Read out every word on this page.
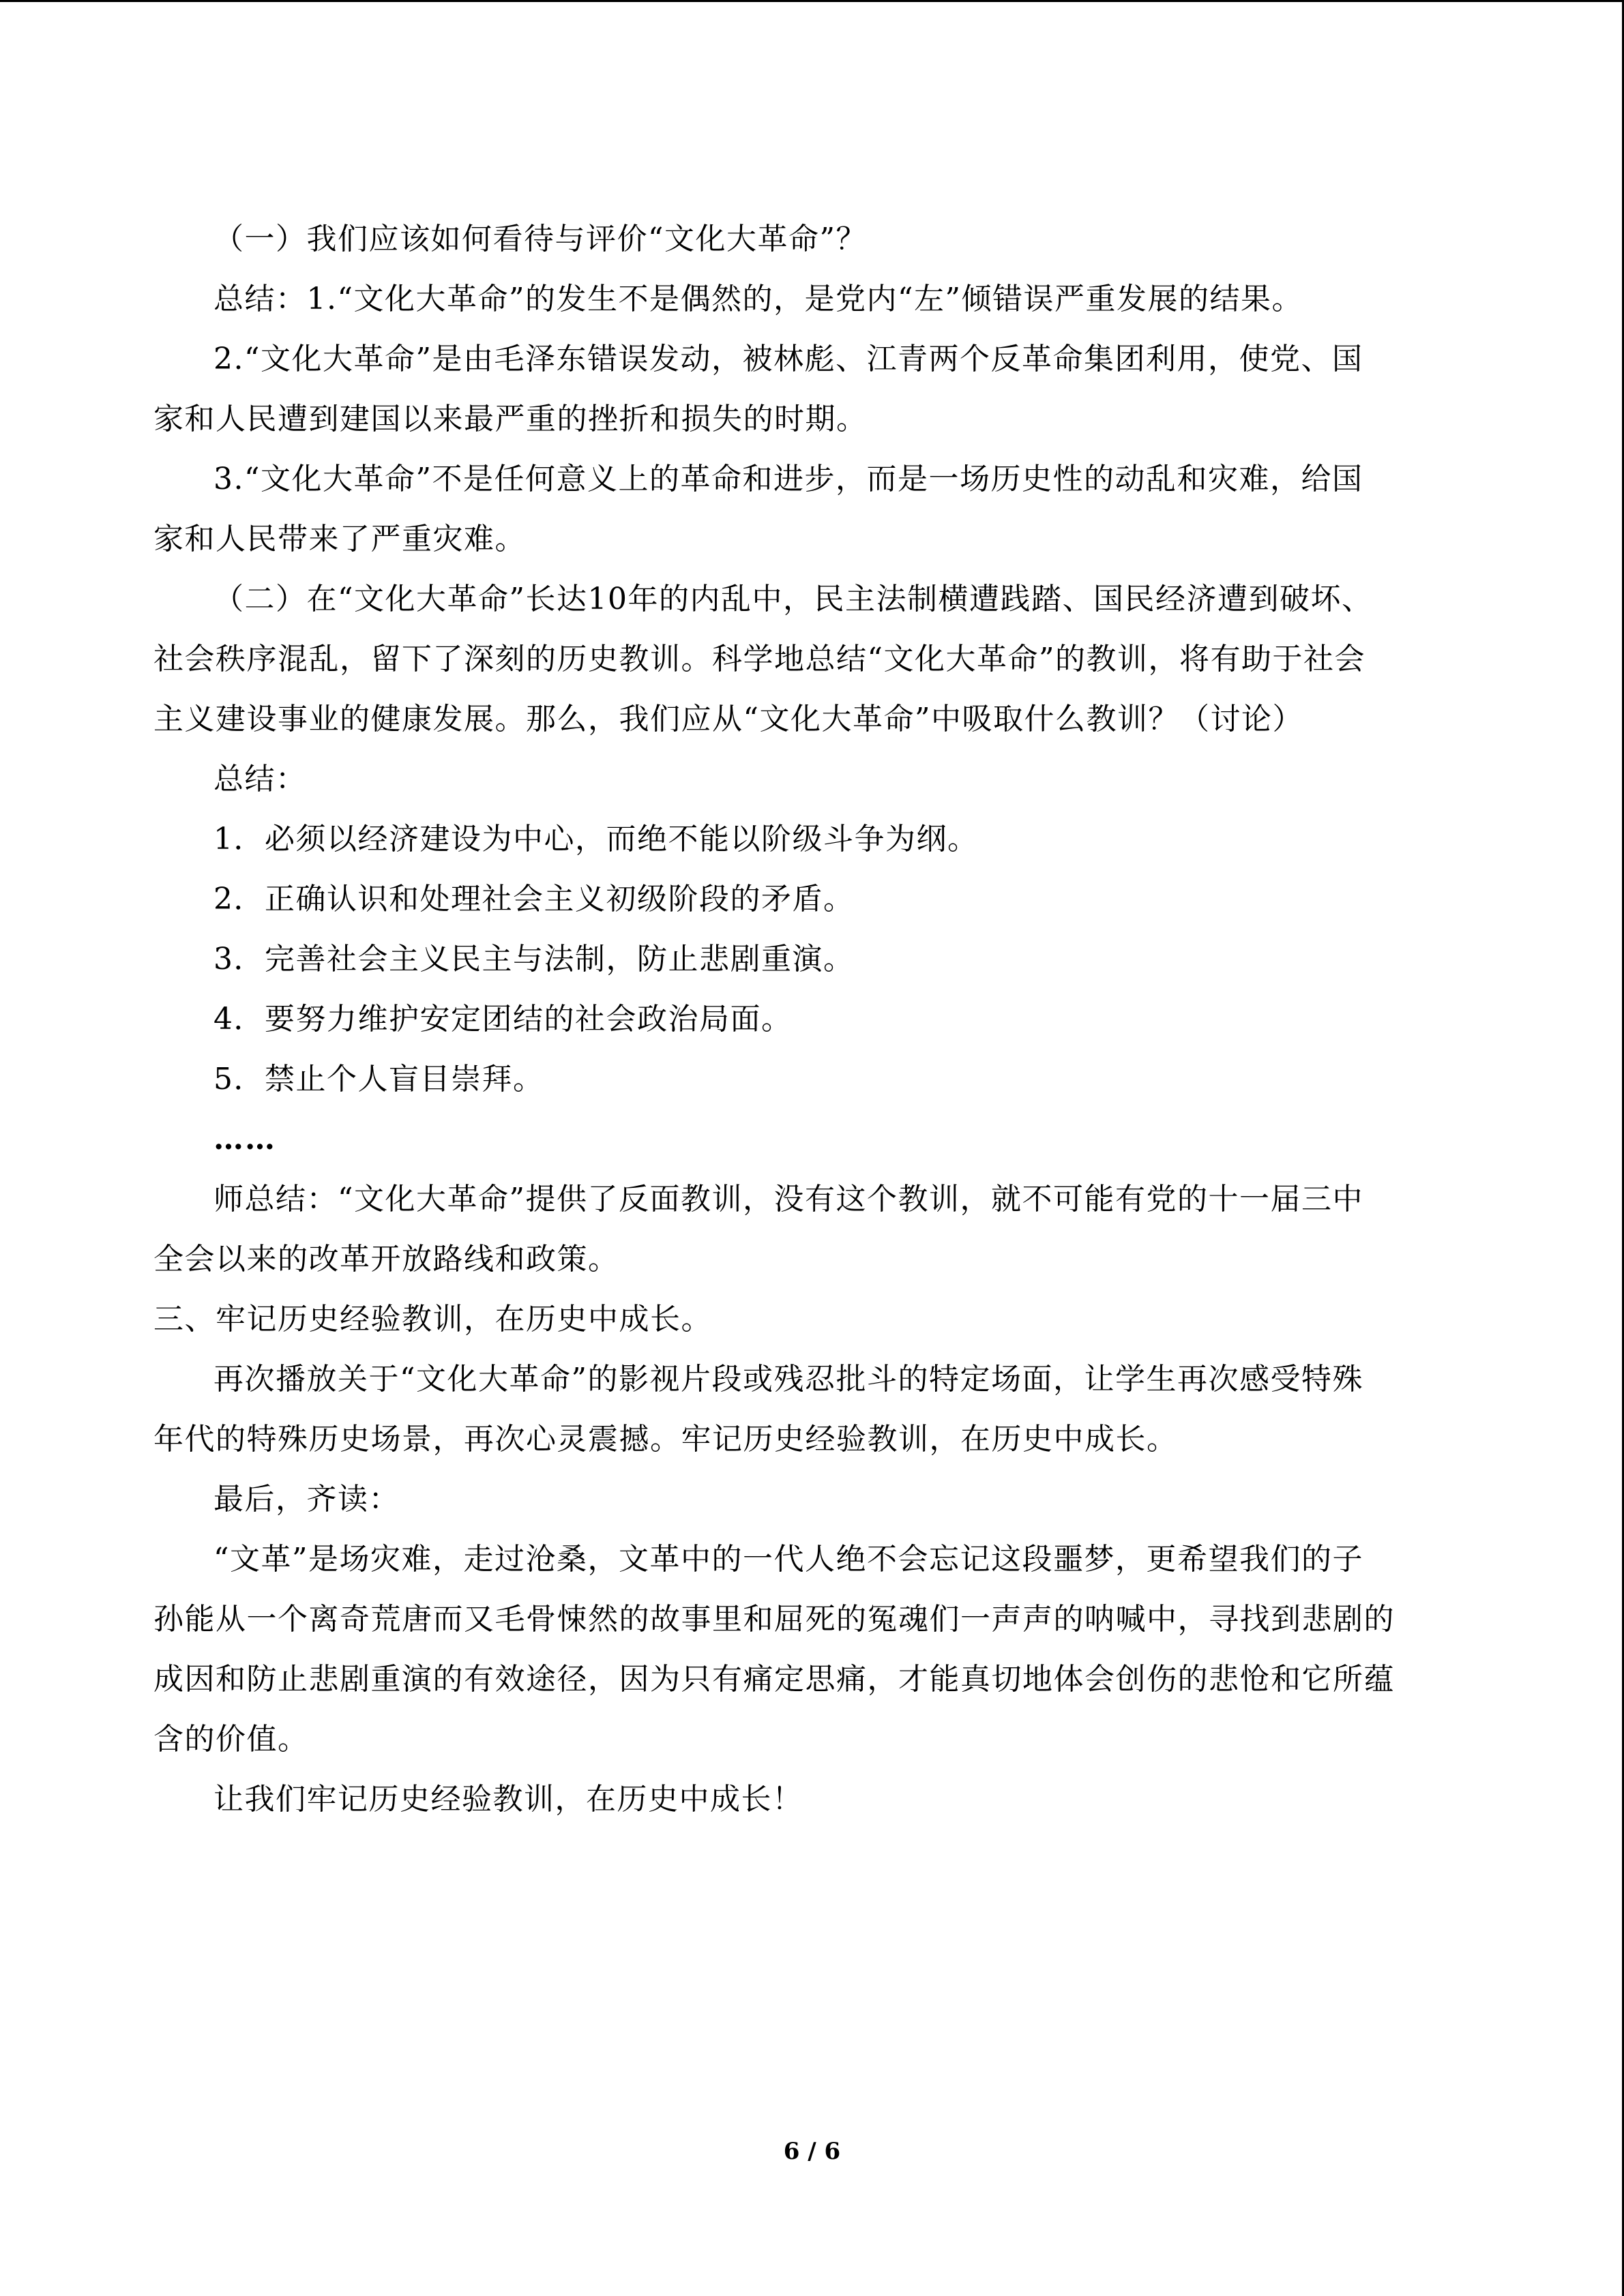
（一）我们应该如何看待与评价“文化大革命”？
总结：1.“文化大革命”的发生不是偶然的，是党内“左”倾错误严重发展的结果。
2.“文化大革命”是由毛泽东错误发动，被林彪、江青两个反革命集团利用，使党、国
家和人民遭到建国以来最严重的挫折和损失的时期。
3.“文化大革命”不是任何意义上的革命和进步，而是一场历史性的动乱和灾难，给国
家和人民带来了严重灾难。
（二）在“文化大革命”长达10年的内乱中，民主法制横遭践踏、国民经济遭到破坏、
社会秩序混乱，留下了深刻的历史教训。科学地总结“文化大革命”的教训，将有助于社会
主义建设事业的健康发展。那么，我们应从“文化大革命”中吸取什么教训？（讨论）
总结：
1．必须以经济建设为中心，而绝不能以阶级斗争为纲。
2．正确认识和处理社会主义初级阶段的矛盾。
3．完善社会主义民主与法制，防止悲剧重演。
4．要努力维护安定团结的社会政治局面。
5．禁止个人盲目崇拜。
……
师总结：“文化大革命”提供了反面教训，没有这个教训，就不可能有党的十一届三中
全会以来的改革开放路线和政策。
三、牢记历史经验教训，在历史中成长。
再次播放关于“文化大革命”的影视片段或残忍批斗的特定场面，让学生再次感受特殊
年代的特殊历史场景，再次心灵震撼。牢记历史经验教训，在历史中成长。
最后，齐读：
“文革”是场灾难，走过沧桑，文革中的一代人绝不会忘记这段噩梦，更希望我们的子
孙能从一个离奇荒唐而又毛骨悚然的故事里和屈死的冤魂们一声声的呐喊中，寻找到悲剧的
成因和防止悲剧重演的有效途径，因为只有痛定思痛，才能真切地体会创伤的悲怆和它所蕴
含的价值。
让我们牢记历史经验教训，在历史中成长！
6 / 6
